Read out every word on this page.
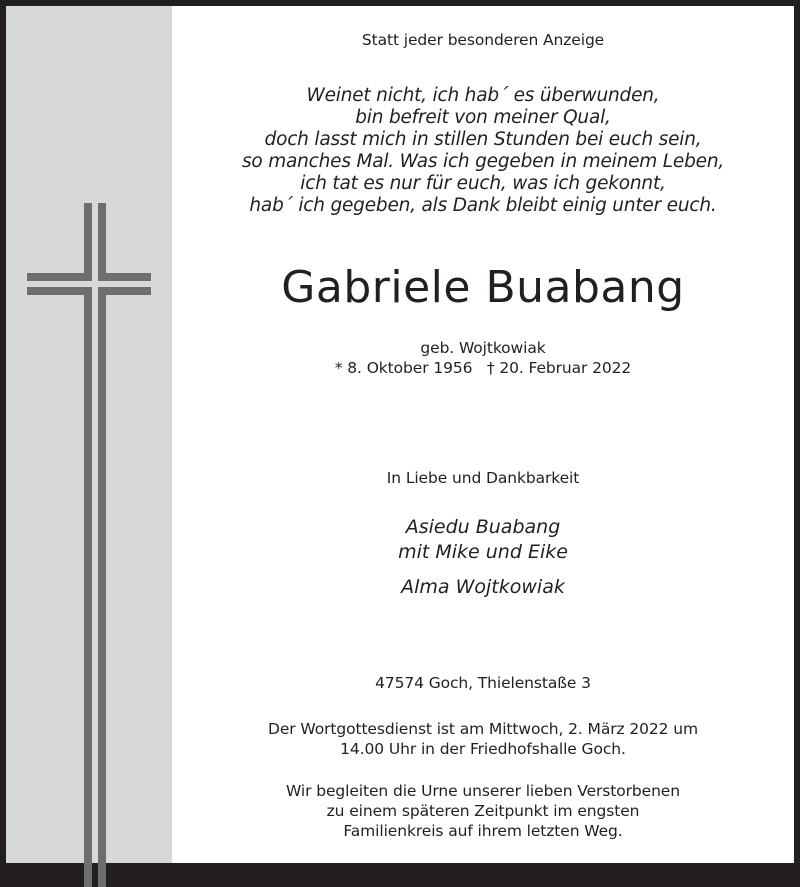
Statt jeder besonderen Anzeige
Weinet nicht, ich hab´ es überwunden,
bin befreit von meiner Qual,
doch lasst mich in stillen Stunden bei euch sein,
so manches Mal. Was ich gegeben in meinem Leben,
ich tat es nur für euch, was ich gekonnt,
hab´ ich gegeben, als Dank bleibt einig unter euch.
Gabriele Buabang
geb. Wojtkowiak
* 8. Oktober 1956   † 20. Februar 2022
In Liebe und Dankbarkeit
Asiedu Buabang
mit Mike und Eike
Alma Wojtkowiak
47574 Goch, Thielenstaße 3
Der Wortgottesdienst ist am Mittwoch, 2. März 2022 um
14.00 Uhr in der Friedhofshalle Goch.
Wir begleiten die Urne unserer lieben Verstorbenen
zu einem späteren Zeitpunkt im engsten
Familienkreis auf ihrem letzten Weg.
